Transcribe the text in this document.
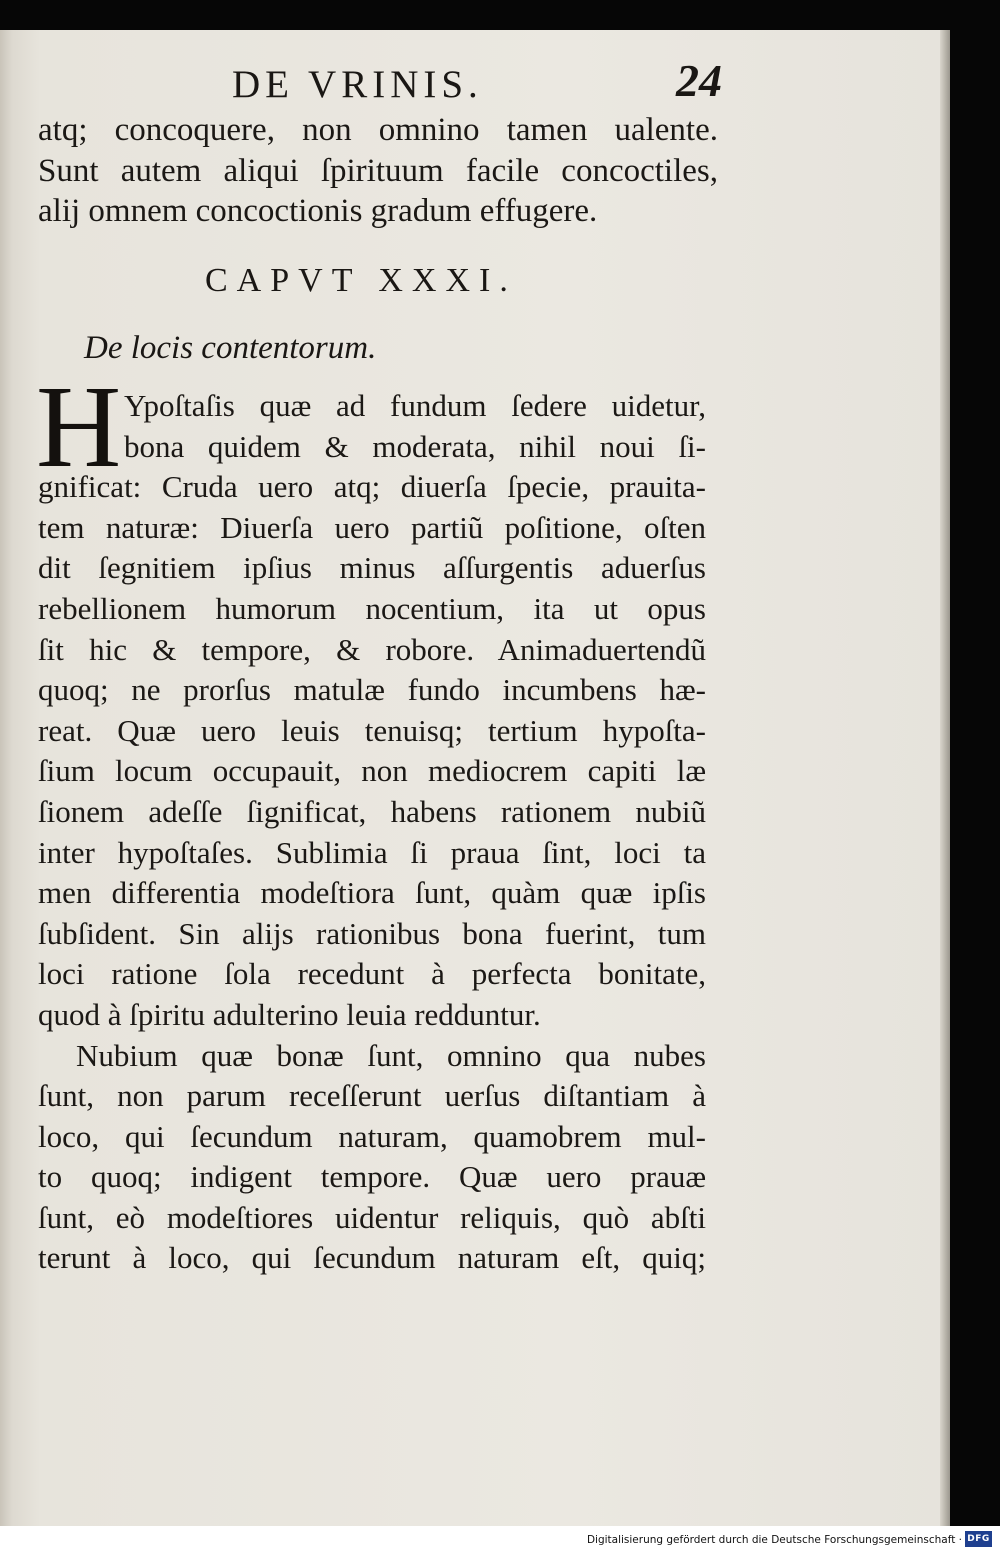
DE VRINIS.	24
atq; concoquere, non omnino tamen ualente.
Sunt autem aliqui ſpirituum facile concoctiles,
alij omnem concoctionis gradum effugere.
CAPVT XXXI.
De locis contentorum.
H Ypoſtaſis quæ ad fundum ſedere uidetur,
bona quidem & moderata, nihil noui ſi-
gnificat: Cruda uero atq; diuerſa ſpecie, prauita-
tem naturæ: Diuerſa uero partiũ poſitione, oſten
dit ſegnitiem ipſius minus aſſurgentis aduerſus
rebellionem humorum nocentium, ita ut opus
ſit hic & tempore, & robore. Animaduertendũ
quoq; ne prorſus matulæ fundo incumbens hæ-
reat. Quæ uero leuis tenuisq; tertium hypoſta-
ſium locum occupauit, non mediocrem capiti læ
ſionem adeſſe ſignificat, habens rationem nubiũ
inter hypoſtaſes. Sublimia ſi praua ſint, loci ta
men differentia modeſtiora ſunt, quàm quæ ipſis
ſubſident. Sin alijs rationibus bona fuerint, tum
loci ratione ſola recedunt à perfecta bonitate,
quod à ſpiritu adulterino leuia redduntur.
Nubium quæ bonæ ſunt, omnino qua nubes
ſunt, non parum receſſerunt uerſus diſtantiam à
loco, qui ſecundum naturam, quamobrem mul-
to quoq; indigent tempore. Quæ uero prauæ
ſunt, eò modeſtiores uidentur reliquis, quò abſti
terunt à loco, qui ſecundum naturam eſt, quiq;
Digitalisierung gefördert durch die Deutsche Forschungsgemeinschaft · DFG
